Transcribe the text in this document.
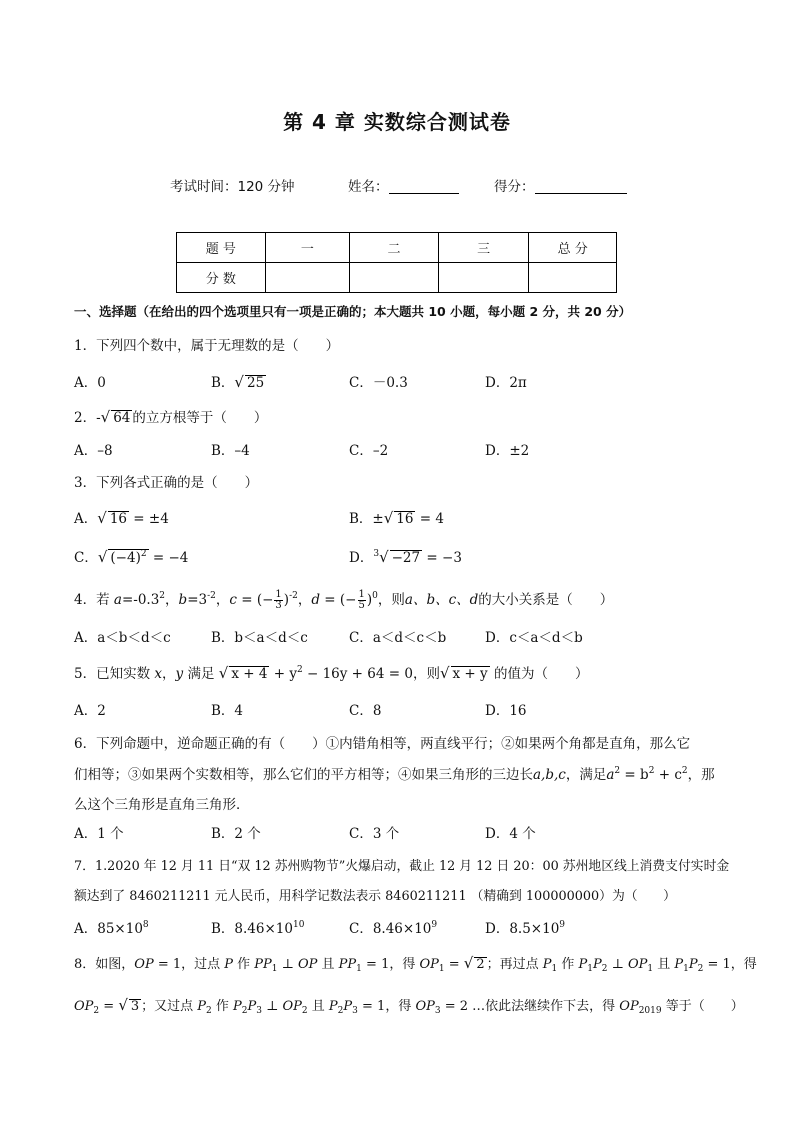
第 4 章 实数综合测试卷
考试时间：120 分钟	姓名：	得分：
题 号	一	二	三	总 分
分 数				
一、选择题（在给出的四个选项里只有一项是正确的；本大题共 10 小题，每小题 2 分，共 20 分）
1．下列四个数中，属于无理数的是（　　）
A．0	B．√ 25	C．－0.3	D．2π
2．-√ 64 的立方根等于（　　）
A．–8	B．–4	C．–2	D．±2
3．下列各式正确的是（　　）
A．√ 16 = ±4	B．±√ 16 = 4
C．√ $(-4)^2 = -4$	D．$^3$√ −27 = −3
4．若 $a=-0.3^2$，$b=3^{-2}$，c = (− $\frac{1}{3} )^{-2}$，d = (− $\frac{1}{5} )^0$，则a、b、c、d的大小关系是（　　）
A．a＜b＜d＜c	B．b＜a＜d＜c	C．a＜d＜c＜b	D．c＜a＜d＜b
5．已知实数 x，y 满足 √ $x + 4 + y^2 - 16y + 64 = 0$，则√ x + y 的值为（　　）
A．2	B．4	C．8	D．16
6．下列命题中，逆命题正确的有（　　）①内错角相等，两直线平行；②如果两个角都是直角，那么它
们相等；③如果两个实数相等，那么它们的平方相等；④如果三角形的三边长a,b,c，满足$a^2 = b^2 + c^2$，那
么这个三角形是直角三角形．
A．1 个	B．2 个	C．3 个	D．4 个
7．1.2020 年 12 月 11 日“双 12 苏州购物节”火爆启动，截止 12 月 12 日 20：00 苏州地区线上消费支付实时金
额达到了 8460211211 元人民币，用科学记数法表示 8460211211 （精确到 100000000）为（　　）
A．$85\times 10^8$	B．$8.46\times 10^{10}$	C．$8.46\times 10^9$	D．$8.5\times 10^9$
8．如图，OP = 1，过点 P 作 $PP_1$ ⊥ OP 且 $PP_1 = 1$，得 $OP_1$ = √ 2 ；再过点 $P_1$ 作 $P_1P_2$ ⊥ $OP_1$ 且 $P_1P_2 = 1$，得
$OP_2$ = √ 3 ；又过点 $P_2$ 作 $P_2P_3$ ⊥ $OP_2$ 且 $P_2P_3 = 1$，得 $OP_3 = 2$ …依此法继续作下去，得 $OP_{2019}$ 等于（　　）
